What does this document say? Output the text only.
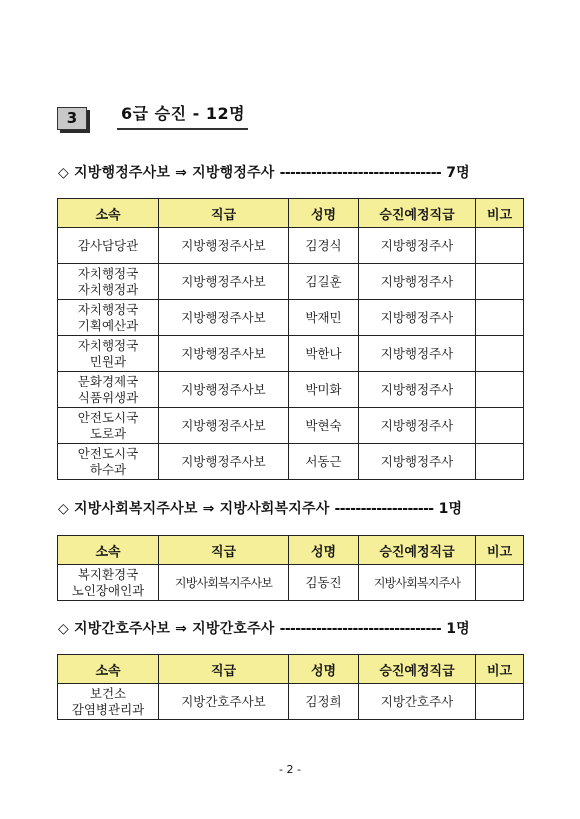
3	6급 승진 - 12명
◇ 지방행정주사보 ⇒ 지방행정주사 ------------------------------- 7명
소속	직급	성명	승진예정직급	비고
감사담당관	지방행정주사보	김경식	지방행정주사	
자치행정국
자치행정과	지방행정주사보	김길훈	지방행정주사	
자치행정국
기획예산과	지방행정주사보	박재민	지방행정주사	
자치행정국
민원과	지방행정주사보	박한나	지방행정주사	
문화경제국
식품위생과	지방행정주사보	박미화	지방행정주사	
안전도시국
도로과	지방행정주사보	박현숙	지방행정주사	
안전도시국
하수과	지방행정주사보	서동근	지방행정주사	
◇ 지방사회복지주사보 ⇒ 지방사회복지주사 ------------------- 1명
소속	직급	성명	승진예정직급	비고
복지환경국
노인장애인과	지방사회복지주사보	김동진	지방사회복지주사	
◇ 지방간호주사보 ⇒ 지방간호주사 ------------------------------- 1명
소속	직급	성명	승진예정직급	비고
보건소
감염병관리과	지방간호주사보	김정희	지방간호주사	
- 2 -
